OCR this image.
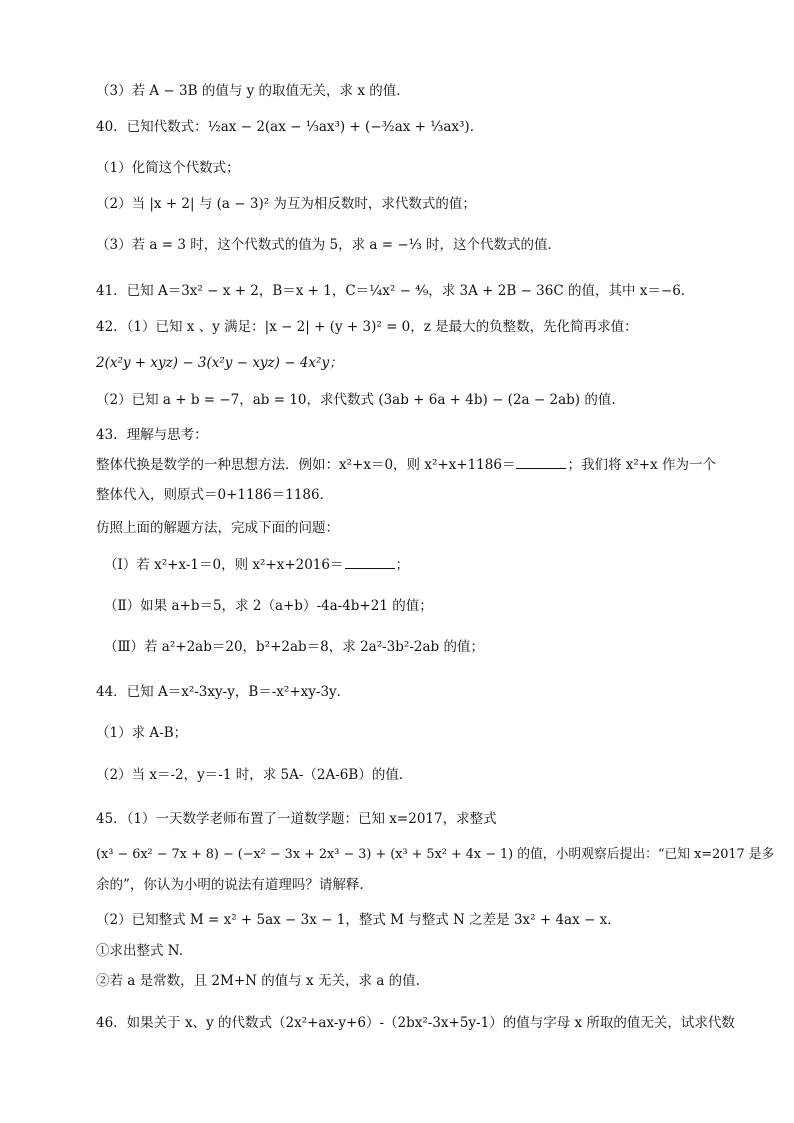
（3）若 A − 3B 的值与 y 的取值无关，求 x 的值．
40．已知代数式：½ax − 2(ax − ⅓ax³) + (−³⁄₂ax + ⅓ax³)．
（1）化简这个代数式；
（2）当 |x + 2| 与 (a − 3)² 为互为相反数时，求代数式的值；
（3）若 a = 3 时，这个代数式的值为 5，求 a = −⅓ 时，这个代数式的值．
41．已知 A＝3x² − x + 2，B＝x + 1，C＝¼x² − ⁴⁄₉，求 3A + 2B − 36C 的值，其中 x＝−6．
42．（1）已知 x 、y 满足：|x − 2| + (y + 3)² = 0，z 是最大的负整数，先化简再求值：
2(x²y + xyz) − 3(x²y − xyz) − 4x²y；
（2）已知 a + b = −7，ab = 10，求代数式 (3ab + 6a + 4b) − (2a − 2ab) 的值.
43．理解与思考：
整体代换是数学的一种思想方法．例如：x²+x＝0，则 x²+x+1186＝	；我们将 x²+x 作为一个
整体代入，则原式＝0+1186＝1186．
仿照上面的解题方法，完成下面的问题：
（Ⅰ）若 x²+x-1＝0，则 x²+x+2016＝	；
（Ⅱ）如果 a+b＝5，求 2（a+b）-4a-4b+21 的值；
（Ⅲ）若 a²+2ab＝20，b²+2ab＝8，求 2a²-3b²-2ab 的值；
44．已知 A＝x²-3xy-y，B＝-x²+xy-3y．
（1）求 A-B；
（2）当 x＝-2，y＝-1 时，求 5A-（2A-6B）的值．
45．（1）一天数学老师布置了一道数学题：已知 x=2017，求整式
(x³ − 6x² − 7x + 8) − (−x² − 3x + 2x³ − 3) + (x³ + 5x² + 4x − 1) 的值，小明观察后提出：“已知 x=2017 是多
余的”，你认为小明的说法有道理吗？请解释.
（2）已知整式 M = x² + 5ax − 3x − 1，整式 M 与整式 N 之差是 3x² + 4ax − x．
①求出整式 N.
②若 a 是常数，且 2M+N 的值与 x 无关，求 a 的值.
46．如果关于 x、y 的代数式（2x²+ax-y+6）-（2bx²-3x+5y-1）的值与字母 x 所取的值无关，试求代数
